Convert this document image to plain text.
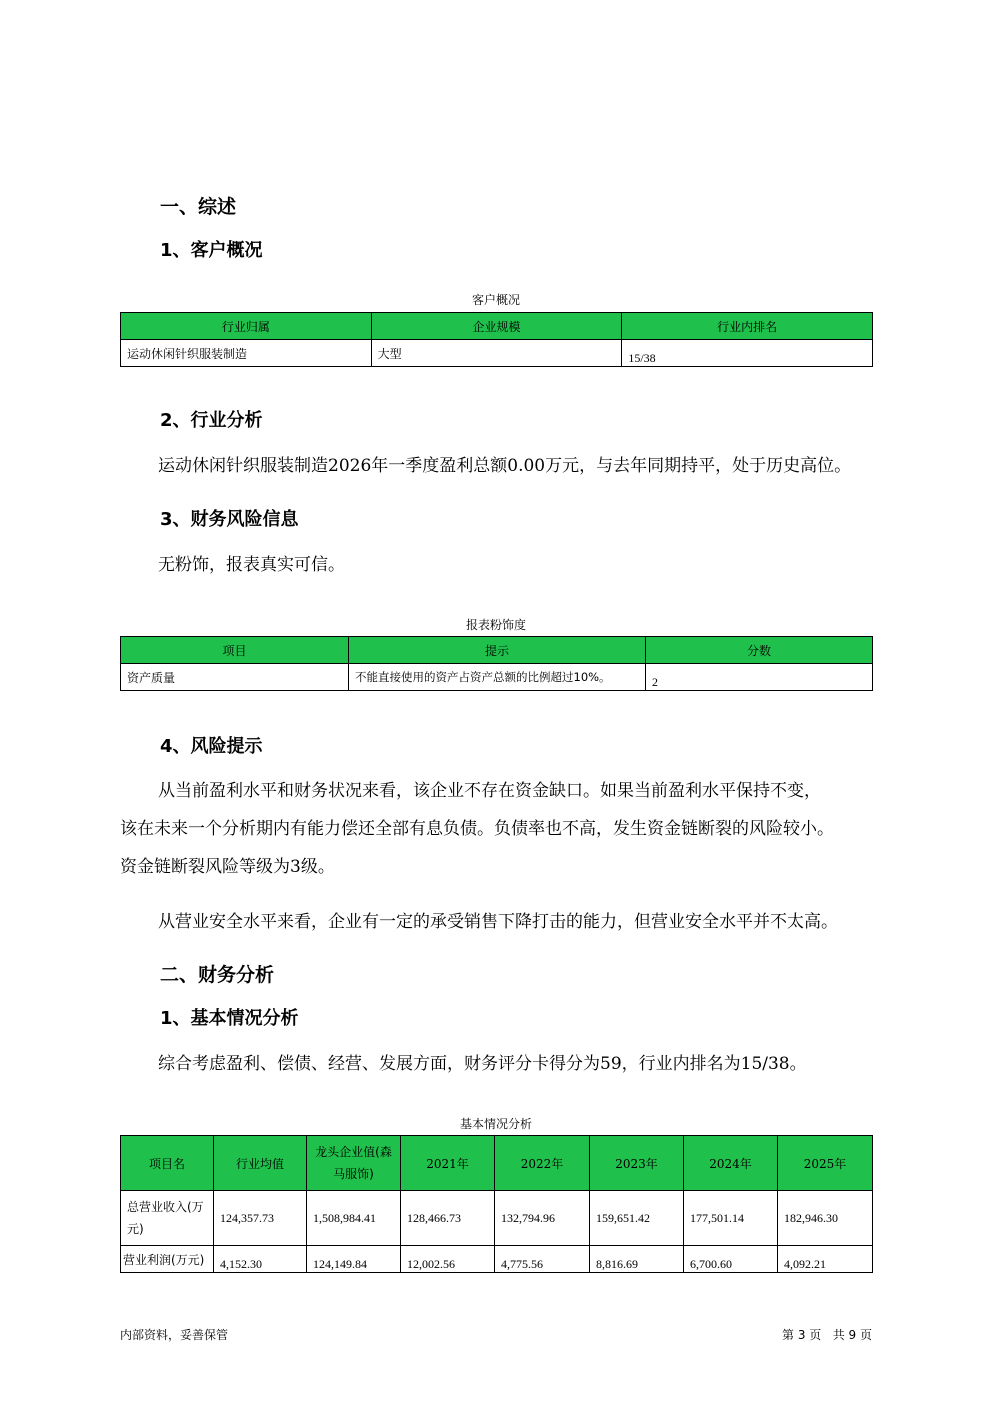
一、综述
1、客户概况
客户概况
行业归属	企业规模	行业内排名
运动休闲针织服装制造	大型	15/38
2、行业分析
运动休闲针织服装制造2026年一季度盈利总额0.00万元，与去年同期持平，处于历史高位。
3、财务风险信息
无粉饰，报表真实可信。
报表粉饰度
项目	提示	分数
资产质量	不能直接使用的资产占资产总额的比例超过10%。	2
4、风险提示
从当前盈利水平和财务状况来看，该企业不存在资金缺口。如果当前盈利水平保持不变，
该在未来一个分析期内有能力偿还全部有息负债。负债率也不高，发生资金链断裂的风险较小。
资金链断裂风险等级为3级。
从营业安全水平来看，企业有一定的承受销售下降打击的能力，但营业安全水平并不太高。
二、财务分析
1、基本情况分析
综合考虑盈利、偿债、经营、发展方面，财务评分卡得分为59，行业内排名为15/38。
基本情况分析
项目名	行业均值	龙头企业值(森马服饰)	2021年	2022年	2023年	2024年	2025年
总营业收入(万元)	124,357.73	1,508,984.41	128,466.73	132,794.96	159,651.42	177,501.14	182,946.30
营业利润(万元)	4,152.30	124,149.84	12,002.56	4,775.56	8,816.69	6,700.60	4,092.21
内部资料，妥善保管	第 3 页   共 9 页
